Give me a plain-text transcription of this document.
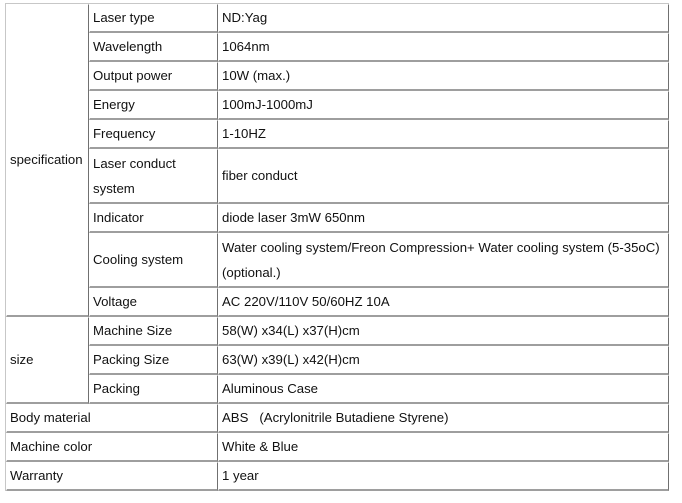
specification	Laser type	ND:Yag
	Wavelength	1064nm
	Output power	10W (max.)
	Energy	100mJ-1000mJ
	Frequency	1-10HZ
	Laser conduct system	fiber conduct
	Indicator	diode laser 3mW 650nm
	Cooling system	Water cooling system/Freon Compression+ Water cooling system (5-35oC) (optional.)
	Voltage	AC 220V/110V 50/60HZ 10A
size	Machine Size	58(W) x34(L) x37(H)cm
	Packing Size	63(W) x39(L) x42(H)cm
	Packing	Aluminous Case
Body material		ABS   (Acrylonitrile Butadiene Styrene)
Machine color		White & Blue
Warranty		1 year
